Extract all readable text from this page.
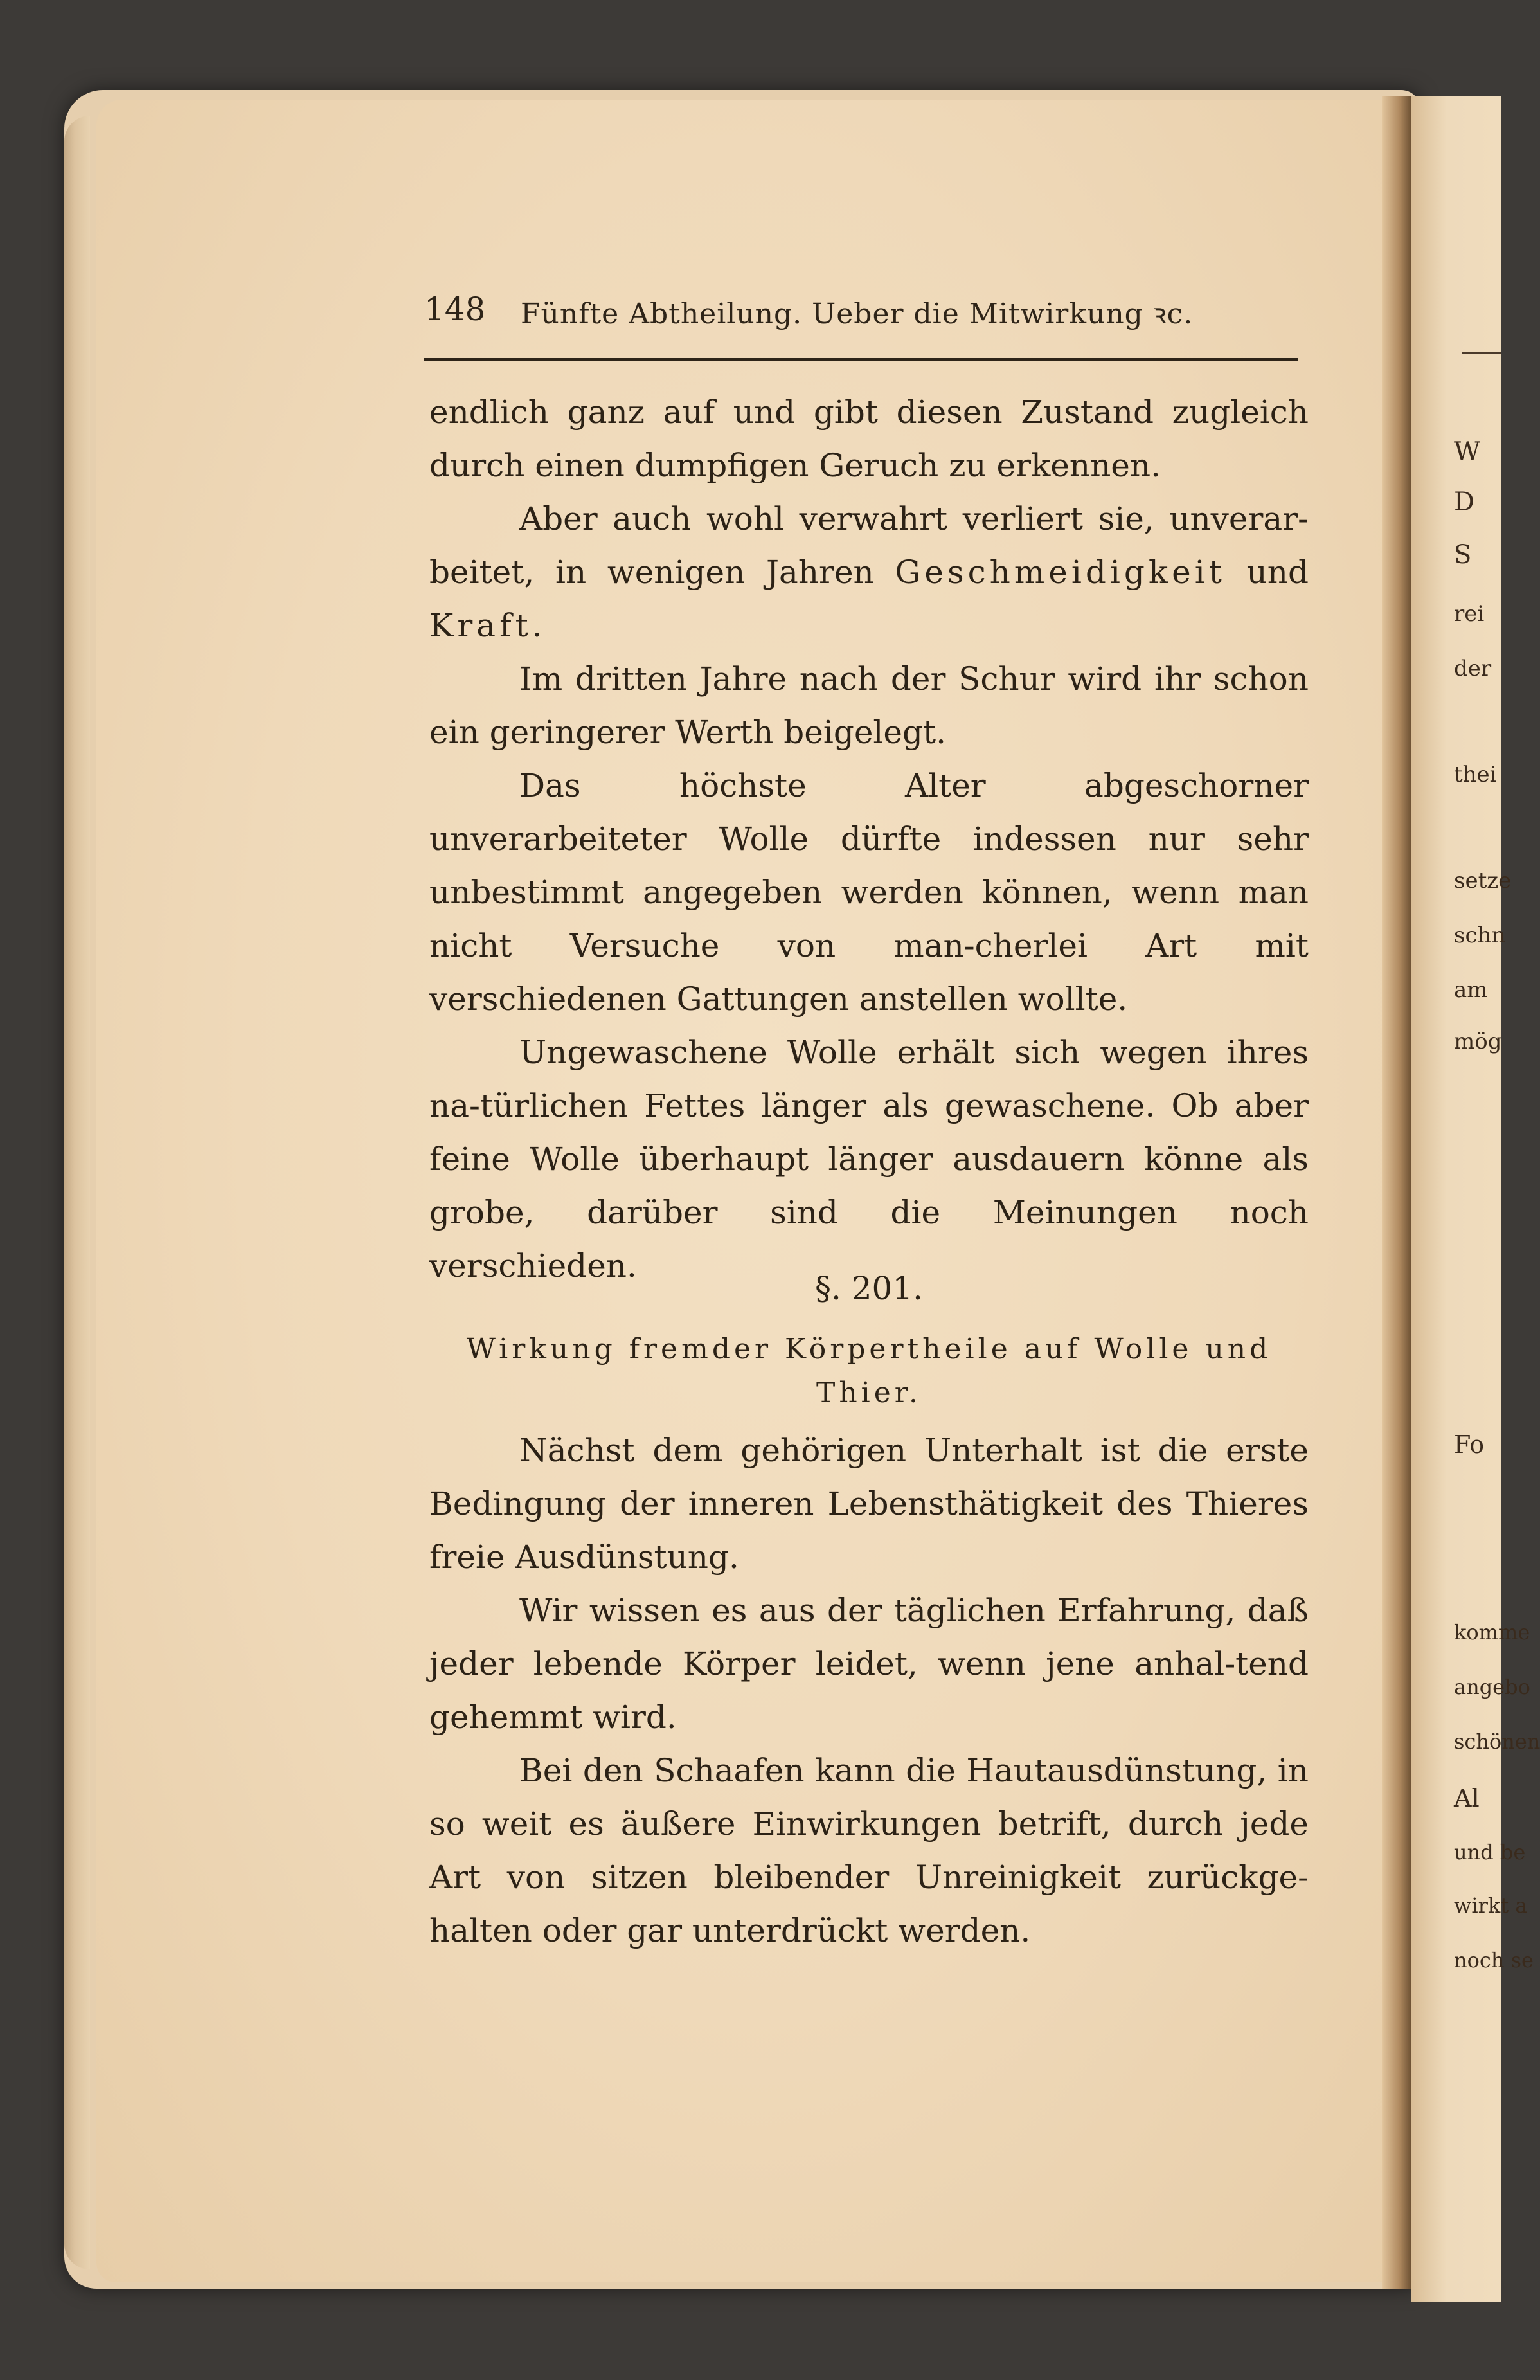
W
D
S
rei
der
thei
setze
schn
am
mög
Fo
komme
angebo
schönen
Al
und be
wirkt a
noch se
148 Fünfte Abtheilung. Ueber die Mitwirkung ꝛc.

endlich ganz auf und gibt diesen Zustand zugleich durch einen dumpfigen Geruch zu erkennen.

Aber auch wohl verwahrt verliert sie, unverar-beitet, in wenigen Jahren Geschmeidigkeit und Kraft.

Im dritten Jahre nach der Schur wird ihr schon ein geringerer Werth beigelegt.

Das höchste Alter abgeschorner unverarbeiteter Wolle dürfte indessen nur sehr unbestimmt angegeben werden können, wenn man nicht Versuche von man-cherlei Art mit verschiedenen Gattungen anstellen wollte.

Ungewaschene Wolle erhält sich wegen ihres na-türlichen Fettes länger als gewaschene. Ob aber feine Wolle überhaupt länger ausdauern könne als grobe, darüber sind die Meinungen noch verschieden.

§. 201.
Wirkung fremder Körpertheile auf Wolle und Thier.

Nächst dem gehörigen Unterhalt ist die erste Bedingung der inneren Lebensthätigkeit des Thieres freie Ausdünstung.

Wir wissen es aus der täglichen Erfahrung, daß jeder lebende Körper leidet, wenn jene anhal-tend gehemmt wird.

Bei den Schaafen kann die Hautausdünstung, in so weit es äußere Einwirkungen betrift, durch jede Art von sitzen bleibender Unreinigkeit zurückge-halten oder gar unterdrückt werden.
